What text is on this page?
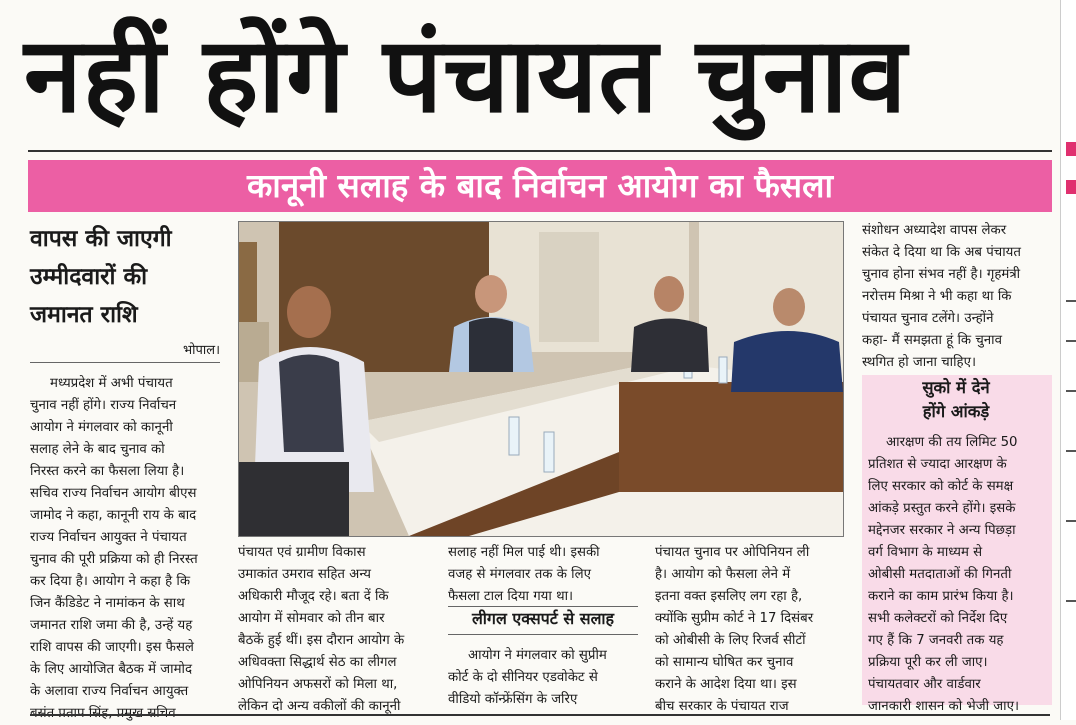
नहीं होंगे पंचायत चुनाव
कानूनी सलाह के बाद निर्वाचन आयोग का फैसला
वापस की जाएगी
उम्मीदवारों की
जमानत राशि
भोपाल।
मध्यप्रदेश में अभी पंचायत
चुनाव नहीं होंगे। राज्य निर्वाचन
आयोग ने मंगलवार को कानूनी
सलाह लेने के बाद चुनाव को
निरस्त करने का फैसला लिया है।
सचिव राज्य निर्वाचन आयोग बीएस
जामोद ने कहा, कानूनी राय के बाद
राज्य निर्वाचन आयुक्त ने पंचायत
चुनाव की पूरी प्रक्रिया को ही निरस्त
कर दिया है। आयोग ने कहा है कि
जिन कैंडिडेट ने नामांकन के साथ
जमानत राशि जमा की है, उन्हें यह
राशि वापस की जाएगी। इस फैसले
के लिए आयोजित बैठक में जामोद
के अलावा राज्य निर्वाचन आयुक्त
पंचायत एवं ग्रामीण विकास
उमाकांत उमराव सहित अन्य
अधिकारी मौजूद रहे। बता दें कि
आयोग में सोमवार को तीन बार
बैठकें हुई थीं। इस दौरान आयोग के
अधिवक्ता सिद्धार्थ सेठ का लीगल
ओपिनियन अफसरों को मिला था,
लेकिन दो अन्य वकीलों की कानूनी
सलाह नहीं मिल पाई थी। इसकी
वजह से मंगलवार तक के लिए
फैसला टाल दिया गया था।
लीगल एक्सपर्ट से सलाह
आयोग ने मंगलवार को सुप्रीम
कोर्ट के दो सीनियर एडवोकेट से
वीडियो कॉन्फ्रेंसिंग के जरिए
पंचायत चुनाव पर ओपिनियन ली
है। आयोग को फैसला लेने में
इतना वक्त इसलिए लग रहा है,
क्योंकि सुप्रीम कोर्ट ने 17 दिसंबर
को ओबीसी के लिए रिजर्व सीटों
को सामान्य घोषित कर चुनाव
कराने के आदेश दिया था। इस
बीच सरकार के पंचायत राज
संशोधन अध्यादेश वापस लेकर
संकेत दे दिया था कि अब पंचायत
चुनाव होना संभव नहीं है। गृहमंत्री
नरोत्तम मिश्रा ने भी कहा था कि
पंचायत चुनाव टलेंगे। उन्होंने
कहा- मैं समझता हूं कि चुनाव
स्थगित हो जाना चाहिए।
सुको में देने
होंगे आंकड़े
आरक्षण की तय लिमिट 50
प्रतिशत से ज्यादा आरक्षण के
लिए सरकार को कोर्ट के समक्ष
आंकड़े प्रस्तुत करने होंगे। इसके
मद्देनजर सरकार ने अन्य पिछड़ा
वर्ग विभाग के माध्यम से
ओबीसी मतदाताओं की गिनती
कराने का काम प्रारंभ किया है।
सभी कलेक्टरों को निर्देश दिए
गए हैं कि 7 जनवरी तक यह
प्रक्रिया पूरी कर ली जाए।
पंचायतवार और वार्डवार
जानकारी शासन को भेजी जाए।
